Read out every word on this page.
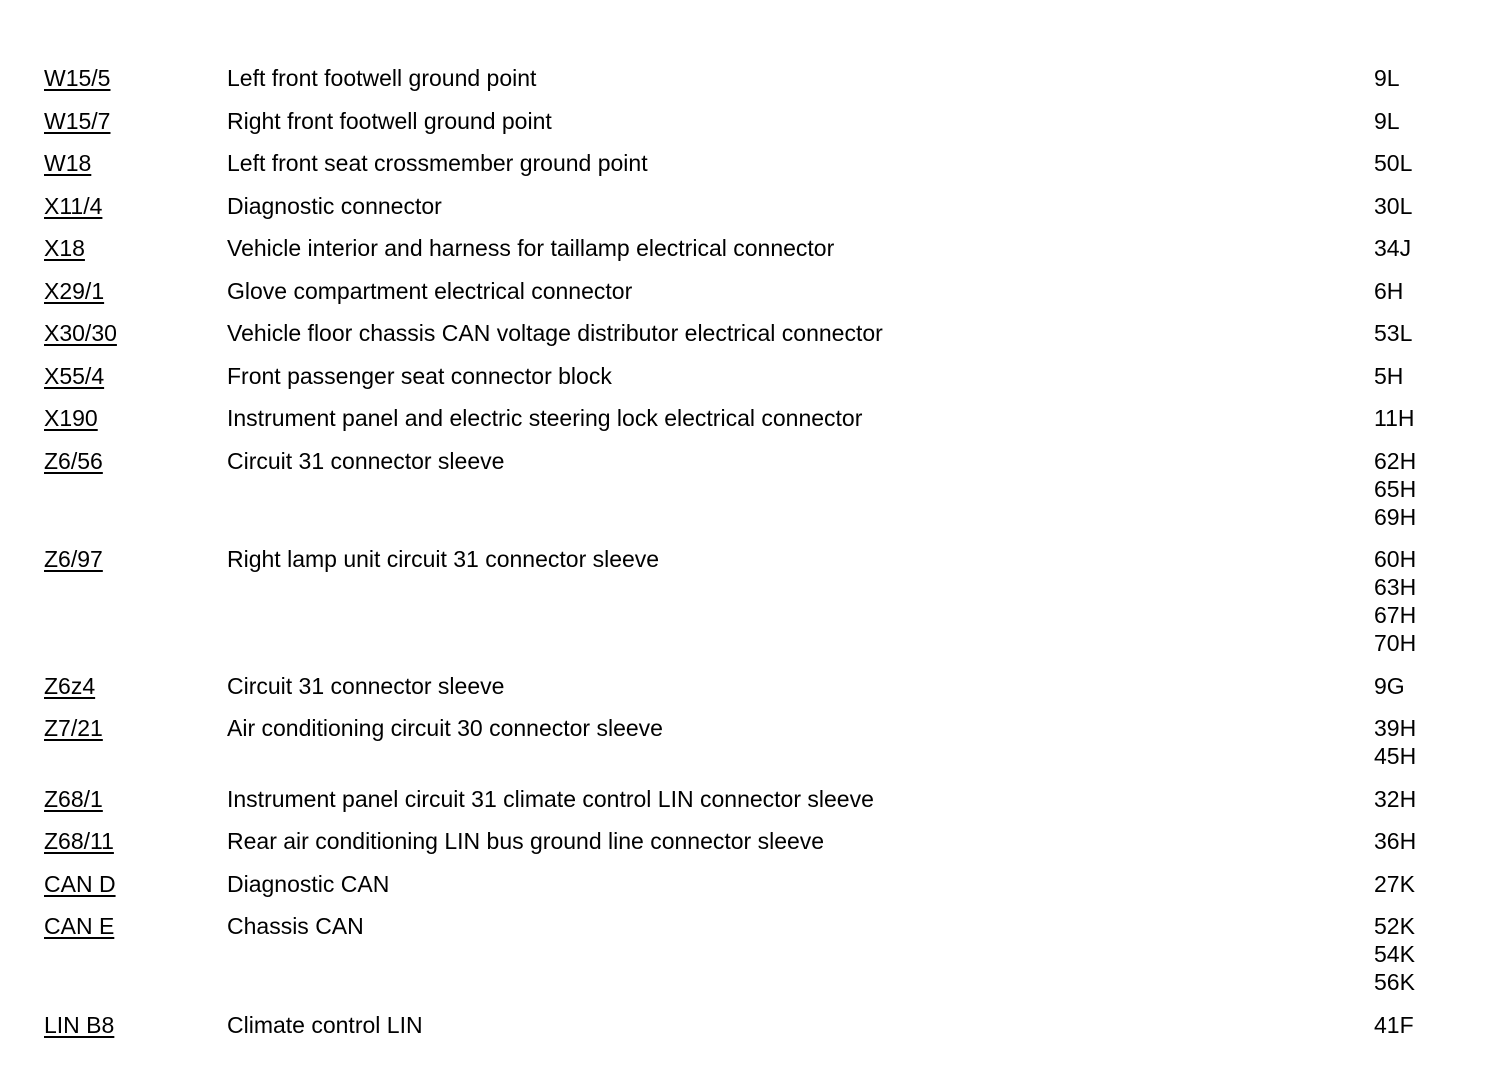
W15/5	Left front footwell ground point	9L
W15/7	Right front footwell ground point	9L
W18	Left front seat crossmember ground point	50L
X11/4	Diagnostic connector	30L
X18	Vehicle interior and harness for taillamp electrical connector	34J
X29/1	Glove compartment electrical connector	6H
X30/30	Vehicle floor chassis CAN voltage distributor electrical connector	53L
X55/4	Front passenger seat connector block	5H
X190	Instrument panel and electric steering lock electrical connector	11H
Z6/56	Circuit 31 connector sleeve	62H
65H
69H
Z6/97	Right lamp unit circuit 31 connector sleeve	60H
63H
67H
70H
Z6z4	Circuit 31 connector sleeve	9G
Z7/21	Air conditioning circuit 30 connector sleeve	39H
45H
Z68/1	Instrument panel circuit 31 climate control LIN connector sleeve	32H
Z68/11	Rear air conditioning LIN bus ground line connector sleeve	36H
CAN D	Diagnostic CAN	27K
CAN E	Chassis CAN	52K
54K
56K
LIN B8	Climate control LIN	41F
